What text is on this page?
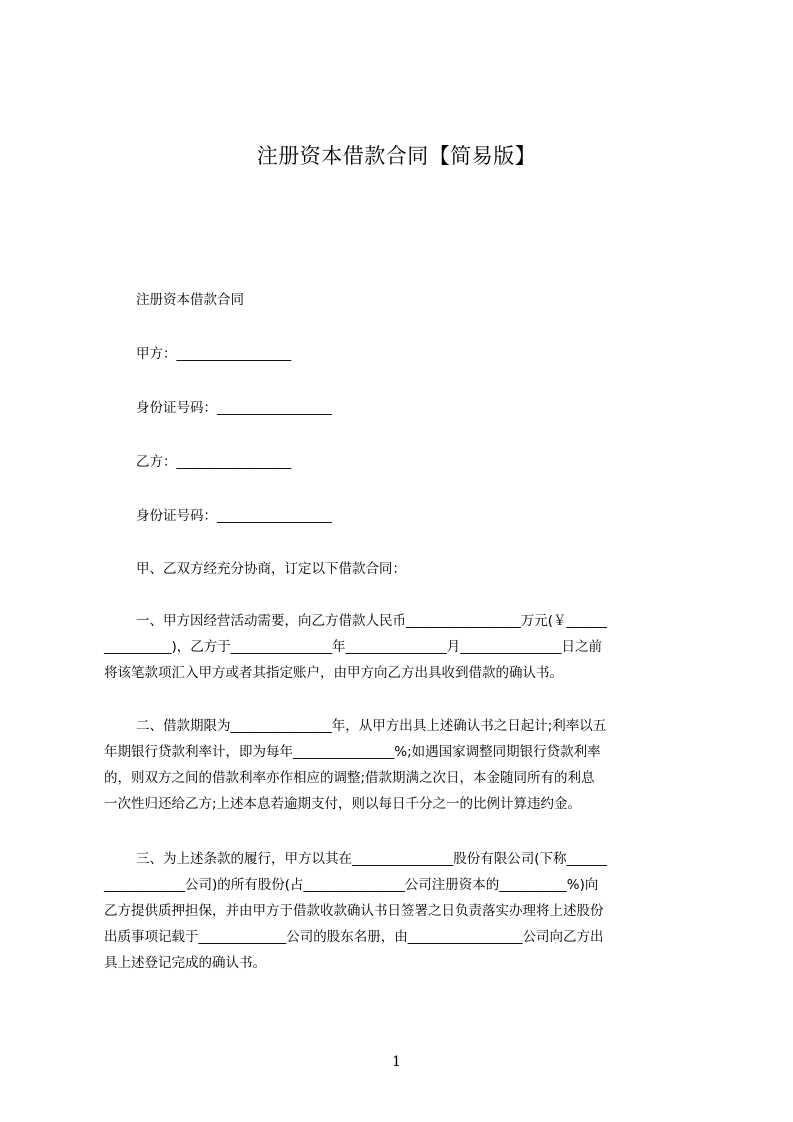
注册资本借款合同【简易版】
注册资本借款合同
甲方：_________________
身份证号码：_________________
乙方：_________________
身份证号码：_________________
甲、乙双方经充分协商，订定以下借款合同：
一、甲方因经营活动需要，向乙方借款人民币_________________万元(￥______
__________)，乙方于_______________年_______________月_______________日之前
将该笔款项汇入甲方或者其指定账户，由甲方向乙方出具收到借款的确认书。
二、借款期限为_______________年，从甲方出具上述确认书之日起计;利率以五
年期银行贷款利率计，即为每年_______________%;如遇国家调整同期银行贷款利率
的，则双方之间的借款利率亦作相应的调整;借款期满之次日，本金随同所有的利息
一次性归还给乙方;上述本息若逾期支付，则以每日千分之一的比例计算违约金。
三、为上述条款的履行，甲方以其在_______________股份有限公司(下称______
____________公司)的所有股份(占_______________公司注册资本的__________%)向
乙方提供质押担保，并由甲方于借款收款确认书日签署之日负责落实办理将上述股份
出质事项记载于_____________公司的股东名册，由_________________公司向乙方出
具上述登记完成的确认书。
1
